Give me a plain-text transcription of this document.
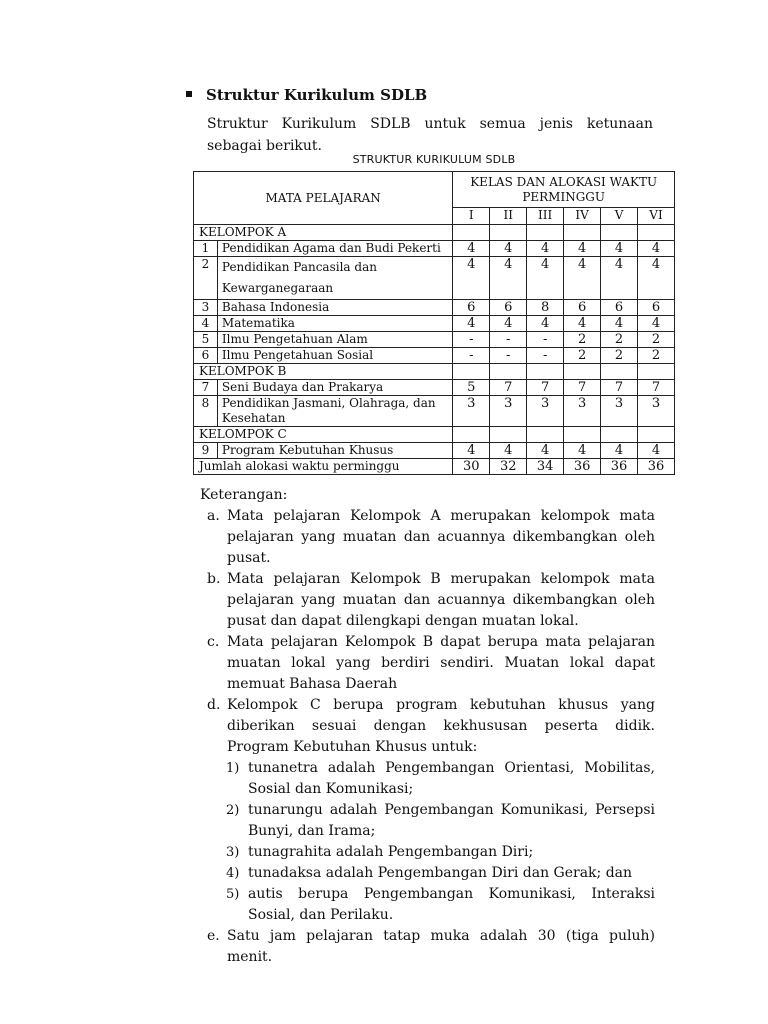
Struktur Kurikulum SDLB
Struktur Kurikulum SDLB untuk semua jenis ketunaan sebagai berikut.
STRUKTUR KURIKULUM SDLB
MATA PELAJARAN		KELAS DAN ALOKASI WAKTU PERMINGGU					
		I	II	III	IV	V	VI
KELOMPOK A							
1	Pendidikan Agama dan Budi Pekerti	4	4	4	4	4	4
2	Pendidikan Pancasila dan Kewarganegaraan	4	4	4	4	4	4
3	Bahasa Indonesia	6	6	8	6	6	6
4	Matematika	4	4	4	4	4	4
5	Ilmu Pengetahuan Alam	-	-	-	2	2	2
6	Ilmu Pengetahuan Sosial	-	-	-	2	2	2
KELOMPOK B							
7	Seni Budaya dan Prakarya	5	7	7	7	7	7
8	Pendidikan Jasmani, Olahraga, dan Kesehatan	3	3	3	3	3	3
KELOMPOK C							
9	Program Kebutuhan Khusus	4	4	4	4	4	4
Jumlah alokasi waktu perminggu		30	32	34	36	36	36
Keterangan:
a. Mata pelajaran Kelompok A merupakan kelompok mata pelajaran yang muatan dan acuannya dikembangkan oleh pusat.
b. Mata pelajaran Kelompok B merupakan kelompok mata pelajaran yang muatan dan acuannya dikembangkan oleh pusat dan dapat dilengkapi dengan muatan lokal.
c. Mata pelajaran Kelompok B dapat berupa mata pelajaran muatan lokal yang berdiri sendiri. Muatan lokal dapat memuat Bahasa Daerah
d. Kelompok C berupa program kebutuhan khusus yang diberikan sesuai dengan kekhususan peserta didik. Program Kebutuhan Khusus untuk:
1) tunanetra adalah Pengembangan Orientasi, Mobilitas, Sosial dan Komunikasi;
2) tunarungu adalah Pengembangan Komunikasi, Persepsi Bunyi, dan Irama;
3) tunagrahita adalah Pengembangan Diri;
4) tunadaksa adalah Pengembangan Diri dan Gerak; dan
5) autis berupa Pengembangan Komunikasi, Interaksi Sosial, dan Perilaku.
e. Satu jam pelajaran tatap muka adalah 30 (tiga puluh) menit.
